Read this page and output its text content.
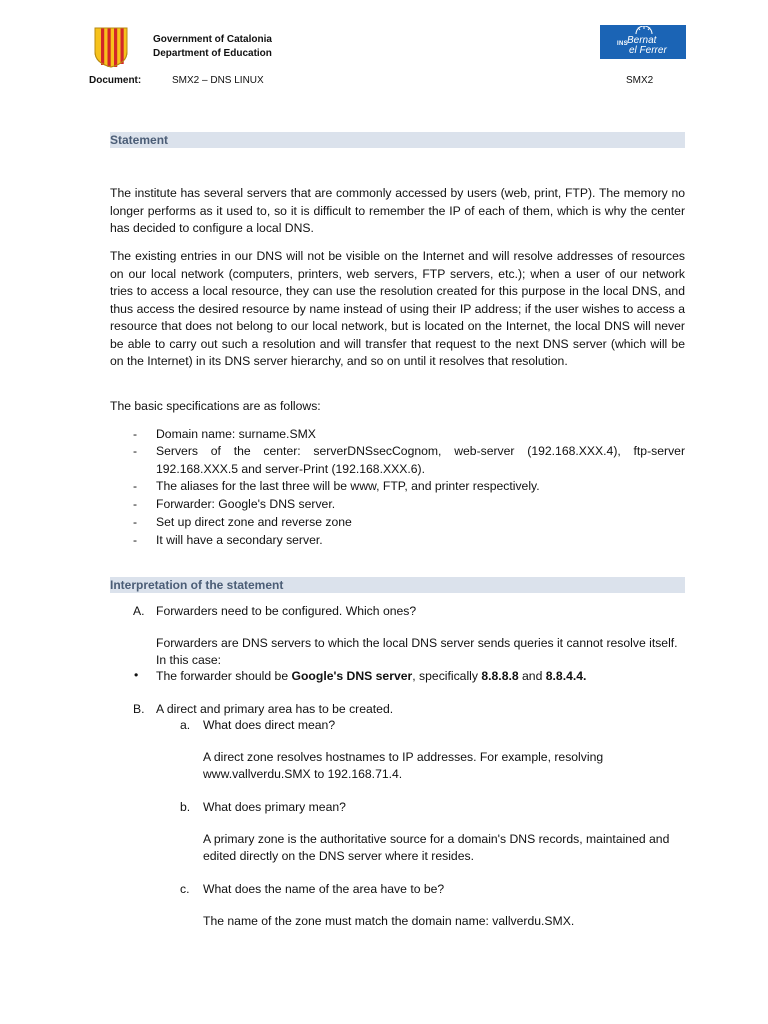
Government of Catalonia
Department of Education
INS Bernat
el Ferrer
Document:	SMX2 – DNS LINUX	SMX2
Statement

The institute has several servers that are commonly accessed by users (web, print, FTP). The memory no longer performs as it used to, so it is difficult to remember the IP of each of them, which is why the center has decided to configure a local DNS.

The existing entries in our DNS will not be visible on the Internet and will resolve addresses of resources on our local network (computers, printers, web servers, FTP servers, etc.); when a user of our network tries to access a local resource, they can use the resolution created for this purpose in the local DNS, and thus access the desired resource by name instead of using their IP address; if the user wishes to access a resource that does not belong to our local network, but is located on the Internet, the local DNS will never be able to carry out such a resolution and will transfer that request to the next DNS server (which will be on the Internet) in its DNS server hierarchy, and so on until it resolves that resolution.

The basic specifications are as follows:

- Domain name: surname.SMX
- Servers of the center: serverDNSsecCognom, web-server (192.168.XXX.4), ftp-server 192.168.XXX.5 and server-Print (192.168.XXX.6).
- The aliases for the last three will be www, FTP, and printer respectively.
- Forwarder: Google's DNS server.
- Set up direct zone and reverse zone
- It will have a secondary server.
Interpretation of the statement
A. Forwarders need to be configured. Which ones?
Forwarders are DNS servers to which the local DNS server sends queries it cannot resolve itself. In this case:
• The forwarder should be Google's DNS server, specifically 8.8.8.8 and 8.8.4.4.
B. A direct and primary area has to be created.
a. What does direct mean?
A direct zone resolves hostnames to IP addresses. For example, resolving www.vallverdu.SMX to 192.168.71.4.
b. What does primary mean?
A primary zone is the authoritative source for a domain's DNS records, maintained and edited directly on the DNS server where it resides.
c. What does the name of the area have to be?
The name of the zone must match the domain name: vallverdu.SMX.
